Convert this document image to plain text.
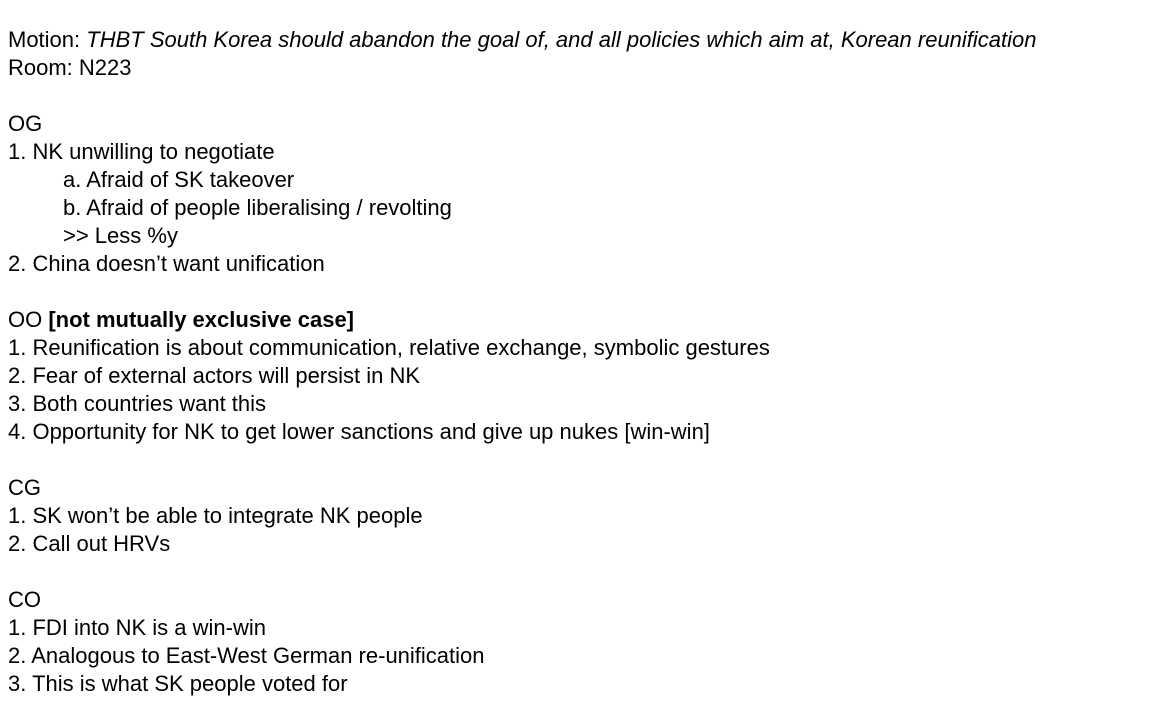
Motion: THBT South Korea should abandon the goal of, and all policies which aim at, Korean reunification
Room: N223
OG
1. NK unwilling to negotiate
a. Afraid of SK takeover
b. Afraid of people liberalising / revolting
>> Less %y
2. China doesn’t want unification
OO [not mutually exclusive case]
1. Reunification is about communication, relative exchange, symbolic gestures
2. Fear of external actors will persist in NK
3. Both countries want this
4. Opportunity for NK to get lower sanctions and give up nukes [win-win]
CG
1. SK won’t be able to integrate NK people
2. Call out HRVs
CO
1. FDI into NK is a win-win
2. Analogous to East-West German re-unification
3. This is what SK people voted for
